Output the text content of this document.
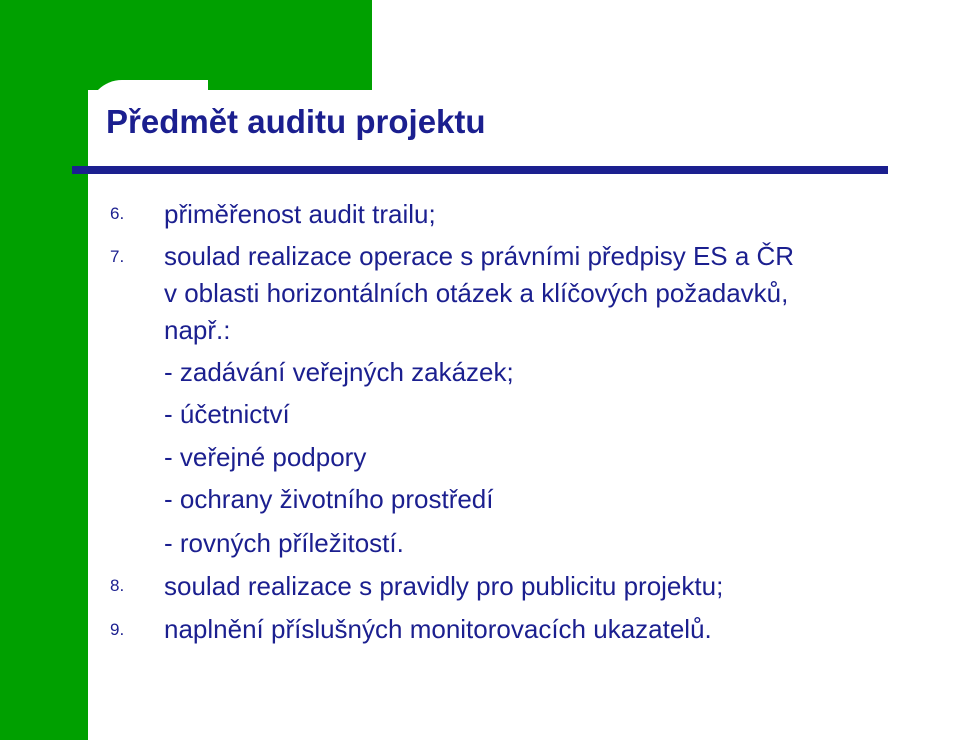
Předmět auditu projektu
6. přiměřenost audit trailu;
7. soulad realizace operace s právními předpisy ES a ČR
v oblasti horizontálních otázek a klíčových požadavků,
např.:
- zadávání veřejných zakázek;
- účetnictví
- veřejné podpory
- ochrany životního prostředí
- rovných příležitostí.
8. soulad realizace s pravidly pro publicitu projektu;
9. naplnění příslušných monitorovacích ukazatelů.
